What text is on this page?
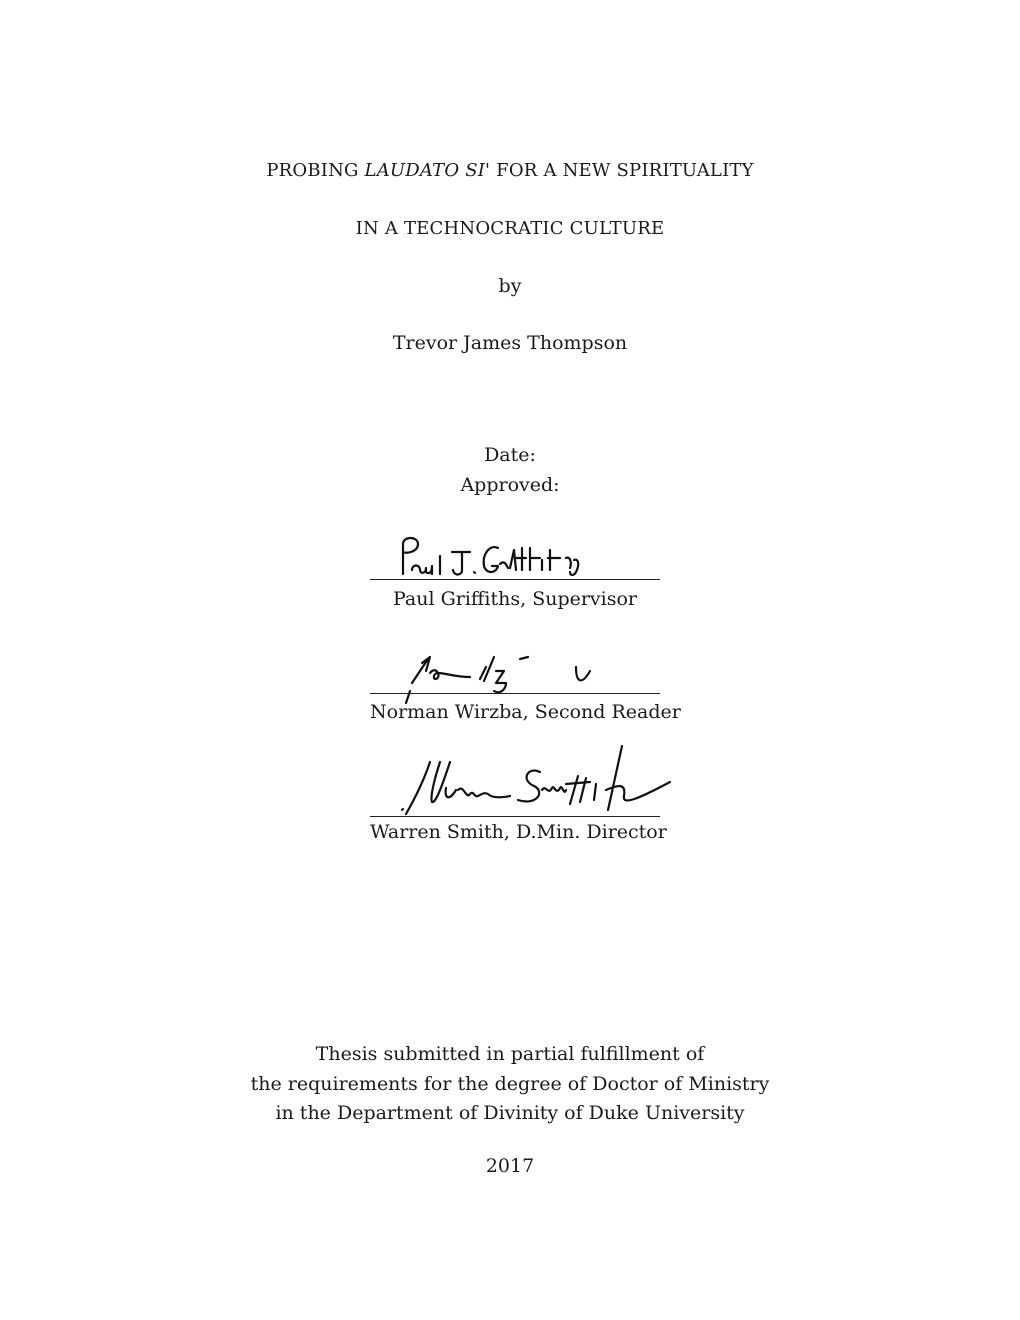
PROBING LAUDATO SI' FOR A NEW SPIRITUALITY
IN A TECHNOCRATIC CULTURE
by
Trevor James Thompson
Date:
Approved:
Paul Griffiths, Supervisor
Norman Wirzba, Second Reader
Warren Smith, D.Min. Director
Thesis submitted in partial fulfillment of
the requirements for the degree of Doctor of Ministry
in the Department of Divinity of Duke University
2017
